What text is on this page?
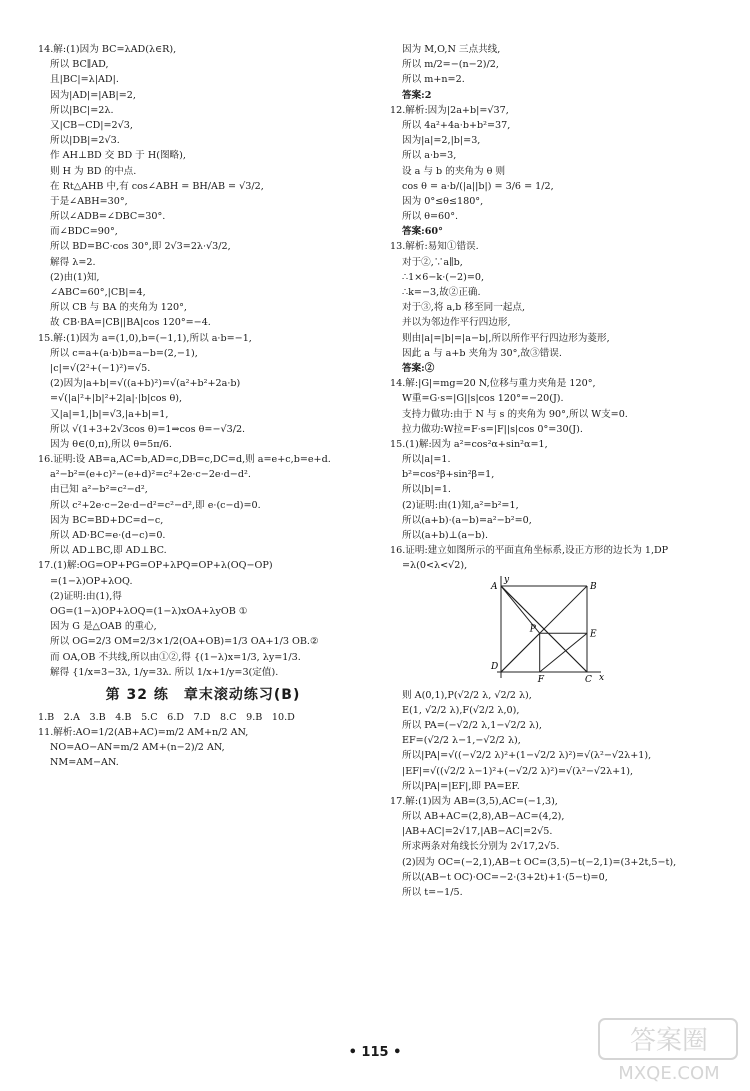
14.解:(1)因为 BC=λAD(λ∈R),
所以 BC∥AD,
且|BC|=λ|AD|.
因为|AD|=|AB|=2,
所以|BC|=2λ.
又|CB−CD|=2√3,
所以|DB|=2√3.
作 AH⊥BD 交 BD 于 H(图略),
则 H 为 BD 的中点.
在 Rt△AHB 中,有 cos∠ABH = BH/AB = √3/2,
于是∠ABH=30°,
所以∠ADB=∠DBC=30°.
而∠BDC=90°,
所以 BD=BC·cos 30°,即 2√3=2λ·√3/2,
解得 λ=2.
(2)由(1)知,
∠ABC=60°,|CB|=4,
所以 CB 与 BA 的夹角为 120°,
故 CB·BA=|CB||BA|cos 120°=−4.
15.解:(1)因为 a=(1,0),b=(−1,1),所以 a·b=−1,
所以 c=a+(a·b)b=a−b=(2,−1),
|c|=√(2²+(−1)²)=√5.
(2)因为|a+b|=√((a+b)²)=√(a²+b²+2a·b)
=√(|a|²+|b|²+2|a|·|b|cos θ),
又|a|=1,|b|=√3,|a+b|=1,
所以 √(1+3+2√3cos θ)=1⇒cos θ=−√3/2.
因为 θ∈(0,π),所以 θ=5π/6.
16.证明:设 AB=a,AC=b,AD=c,DB=c,DC=d,则 a=e+c,b=e+d.
a²−b²=(e+c)²−(e+d)²=c²+2e·c−2e·d−d².
由已知 a²−b²=c²−d²,
所以 c²+2e·c−2e·d−d²=c²−d²,即 e·(c−d)=0.
因为 BC=BD+DC=d−c,
所以 AD·BC=e·(d−c)=0.
所以 AD⊥BC,即 AD⊥BC.
17.(1)解:OG=OP+PG=OP+λPQ=OP+λ(OQ−OP)
=(1−λ)OP+λOQ.
(2)证明:由(1),得
OG=(1−λ)OP+λOQ=(1−λ)xOA+λyOB ①
因为 G 是△OAB 的重心,
所以 OG=2/3 OM=2/3×1/2(OA+OB)=1/3 OA+1/3 OB.②
而 OA,OB 不共线,所以由①②,得 {(1−λ)x=1/3, λy=1/3.
解得 {1/x=3−3λ, 1/y=3λ. 所以 1/x+1/y=3(定值).
第 32 练　章末滚动练习(B)
1.B　2.A　3.B　4.B　5.C　6.D　7.D　8.C　9.B　10.D
11.解析:AO=1/2(AB+AC)=m/2 AM+n/2 AN,
NO=AO−AN=m/2 AM+(n−2)/2 AN,
NM=AM−AN.
因为 M,O,N 三点共线,
所以 m/2=−(n−2)/2,
所以 m+n=2.
答案:2
12.解析:因为|2a+b|=√37,
所以 4a²+4a·b+b²=37,
因为|a|=2,|b|=3,
所以 a·b=3,
设 a 与 b 的夹角为 θ 则
cos θ = a·b/(|a||b|) = 3/6 = 1/2,
因为 0°≤θ≤180°,
所以 θ=60°.
答案:60°
13.解析:易知①错误.
对于②,∵a∥b,
∴1×6−k·(−2)=0,
∴k=−3,故②正确.
对于③,将 a,b 移至同一起点,
并以为邻边作平行四边形,
则由|a|=|b|=|a−b|,所以所作平行四边形为菱形,
因此 a 与 a+b 夹角为 30°,故③错误.
答案:②
14.解:|G|=mg=20 N,位移与重力夹角是 120°,
W重=G·s=|G||s|cos 120°=−20(J).
支持力做功:由于 N 与 s 的夹角为 90°,所以 W支=0.
拉力做功:W拉=F·s=|F||s|cos 0°=30(J).
15.(1)解:因为 a²=cos²α+sin²α=1,
所以|a|=1.
b²=cos²β+sin²β=1,
所以|b|=1.
(2)证明:由(1)知,a²=b²=1,
所以(a+b)·(a−b)=a²−b²=0,
所以(a+b)⊥(a−b).
16.证明:建立如图所示的平面直角坐标系,设正方形的边长为 1,DP
=λ(0<λ<√2),
A	B
C
D
E
F
P
y
x
则 A(0,1),P(√2/2 λ, √2/2 λ),
E(1, √2/2 λ),F(√2/2 λ,0),
所以 PA=(−√2/2 λ,1−√2/2 λ),
EF=(√2/2 λ−1,−√2/2 λ),
所以|PA|=√((−√2/2 λ)²+(1−√2/2 λ)²)=√(λ²−√2λ+1),
|EF|=√((√2/2 λ−1)²+(−√2/2 λ)²)=√(λ²−√2λ+1),
所以|PA|=|EF|,即 PA=EF.
17.解:(1)因为 AB=(3,5),AC=(−1,3),
所以 AB+AC=(2,8),AB−AC=(4,2),
|AB+AC|=2√17,|AB−AC|=2√5.
所求两条对角线长分别为 2√17,2√5.
(2)因为 OC=(−2,1),AB−t OC=(3,5)−t(−2,1)=(3+2t,5−t),
所以(AB−t OC)·OC=−2·(3+2t)+1·(5−t)=0,
所以 t=−1/5.
• 115 •	答案圈
MXQE.COM
